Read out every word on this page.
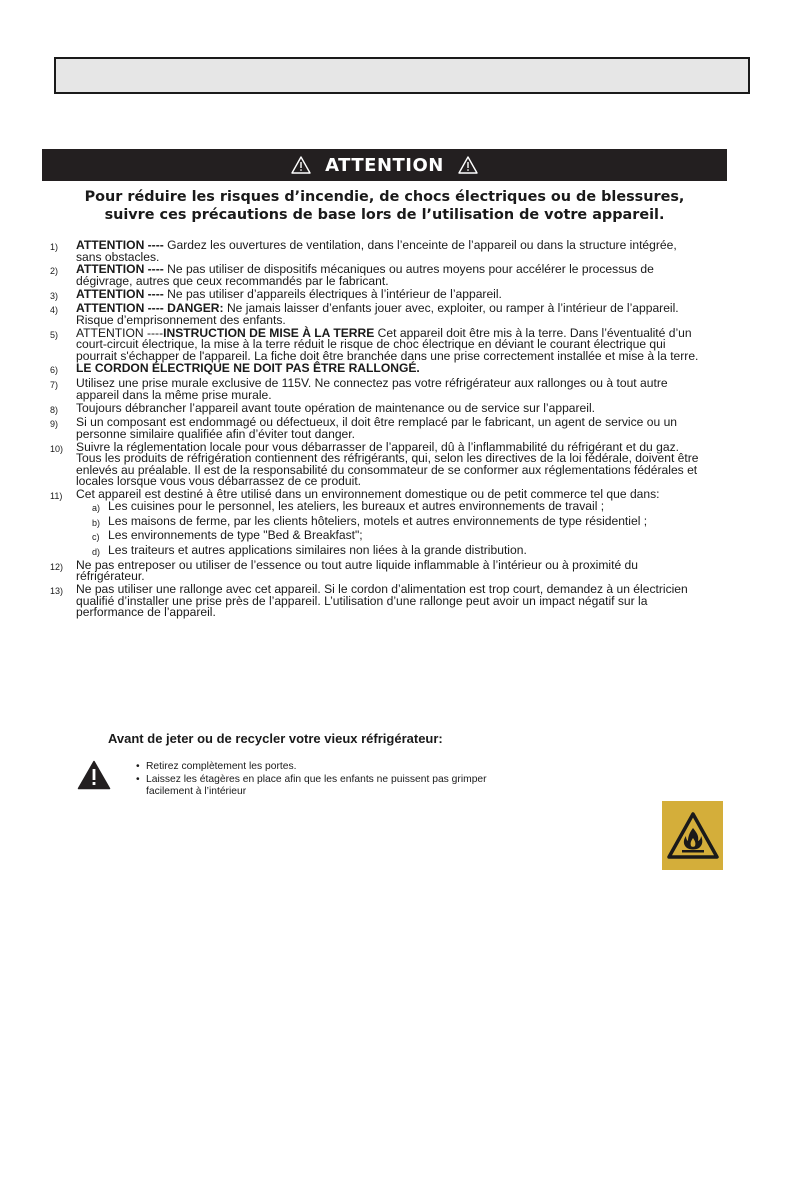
ATTENTION
Pour réduire les risques d’incendie, de chocs électriques ou de blessures,
suivre ces précautions de base lors de l’utilisation de votre appareil.
1)	ATTENTION ---- Gardez les ouvertures de ventilation, dans l’enceinte de l’appareil ou dans la structure intégrée, sans obstacles.
2)	ATTENTION ---- Ne pas utiliser de dispositifs mécaniques ou autres moyens pour accélérer le processus de dégivrage, autres que ceux recommandés par le fabricant.
3)	ATTENTION ---- Ne pas utiliser d’appareils électriques à l’intérieur de l’appareil.
4)	ATTENTION ---- DANGER: Ne jamais laisser d’enfants jouer avec, exploiter, ou ramper à l’intérieur de l’appareil. Risque d’emprisonnement des enfants.
5)	ATTENTION ----INSTRUCTION DE MISE À LA TERRE Cet appareil doit être mis à la terre. Dans l’éventualité d’un court-circuit électrique, la mise à la terre réduit le risque de choc électrique en déviant le courant électrique qui pourrait s'échapper de l'appareil. La fiche doit être branchée dans une prise correctement installée et mise à la terre.
6)	LE CORDON ÉLECTRIQUE NE DOIT PAS ÊTRE RALLONGÉ.
7)	Utilisez une prise murale exclusive de 115V. Ne connectez pas votre réfrigérateur aux rallonges ou à tout autre appareil dans la même prise murale.
8)	Toujours débrancher l’appareil avant toute opération de maintenance ou de service sur l’appareil.
9)	Si un composant est endommagé ou défectueux, il doit être remplacé par le fabricant, un agent de service ou un personne similaire qualifiée afin d’éviter tout danger.
10)	Suivre la réglementation locale pour vous débarrasser de l’appareil, dû à l’inflammabilité du réfrigérant et du gaz. Tous les produits de réfrigération contiennent des réfrigérants, qui, selon les directives de la loi fédérale, doivent être enlevés au préalable. Il est de la responsabilité du consommateur de se conformer aux réglementations fédérales et locales lorsque vous vous débarrassez de ce produit.
11)	Cet appareil est destiné à être utilisé dans un environnement domestique ou de petit commerce tel que dans:
a) Les cuisines pour le personnel, les ateliers, les bureaux et autres environnements de travail ;
b) Les maisons de ferme, par les clients hôteliers, motels et autres environnements de type résidentiel ;
c) Les environnements de type "Bed & Breakfast";
d) Les traiteurs et autres applications similaires non liées à la grande distribution.
12)	Ne pas entreposer ou utiliser de l’essence ou tout autre liquide inflammable à l’intérieur ou à proximité du réfrigérateur.
13)	Ne pas utiliser une rallonge avec cet appareil. Si le cordon d’alimentation est trop court, demandez à un électricien qualifié d’installer une prise près de l’appareil. L’utilisation d’une rallonge peut avoir un impact négatif sur la performance de l’appareil.
Avant de jeter ou de recycler votre vieux réfrigérateur:
• Retirez complètement les portes.
• Laissez les étagères en place afin que les enfants ne puissent pas grimper facilement à l’intérieur
